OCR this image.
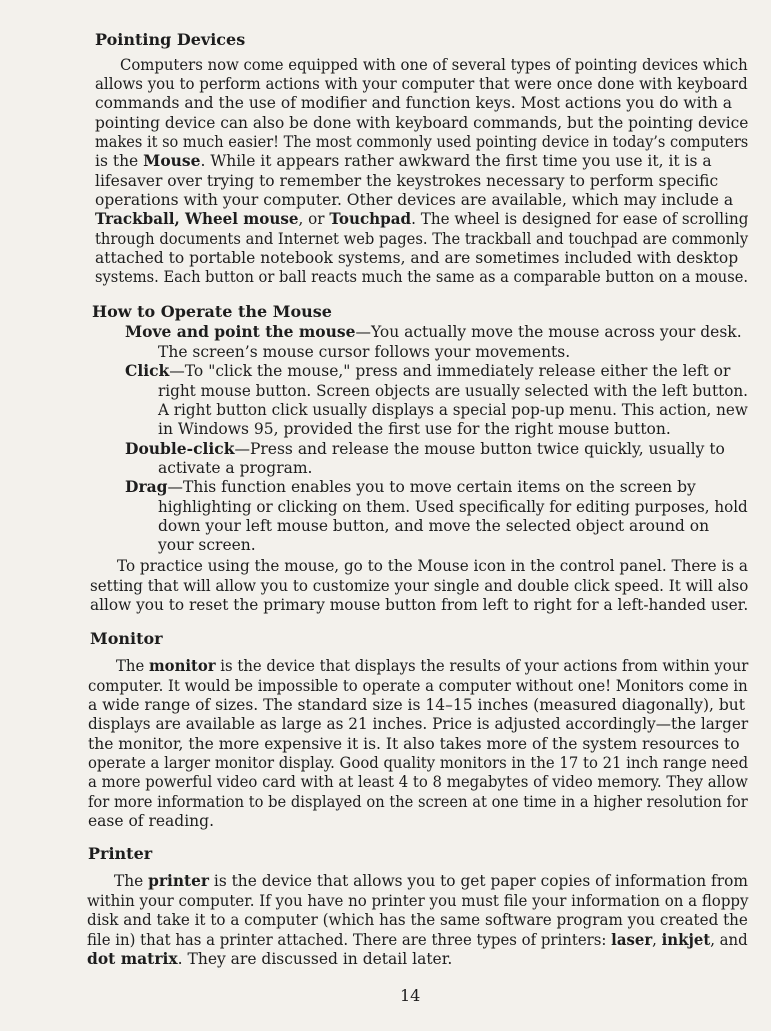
Pointing Devices

Computers now come equipped with one of several types of pointing devices which

allows you to perform actions with your computer that were once done with keyboard

commands and the use of modifier and function keys. Most actions you do with a

pointing device can also be done with keyboard commands, but the pointing device

makes it so much easier! The most commonly used pointing device in today’s computers

is the Mouse. While it appears rather awkward the first time you use it, it is a

lifesaver over trying to remember the keystrokes necessary to perform specific

operations with your computer. Other devices are available, which may include a

Trackball, Wheel mouse, or Touchpad. The wheel is designed for ease of scrolling

through documents and Internet web pages. The trackball and touchpad are commonly

attached to portable notebook systems, and are sometimes included with desktop

systems. Each button or ball reacts much the same as a comparable button on a mouse.

How to Operate the Mouse

Move and point the mouse—You actually move the mouse across your desk.

The screen’s mouse cursor follows your movements.

Click—To "click the mouse," press and immediately release either the left or

right mouse button. Screen objects are usually selected with the left button.

A right button click usually displays a special pop-up menu. This action, new

in Windows 95, provided the first use for the right mouse button.

Double-click—Press and release the mouse button twice quickly, usually to

activate a program.

Drag—This function enables you to move certain items on the screen by

highlighting or clicking on them. Used specifically for editing purposes, hold

down your left mouse button, and move the selected object around on

your screen.

To practice using the mouse, go to the Mouse icon in the control panel. There is a

setting that will allow you to customize your single and double click speed. It will also

allow you to reset the primary mouse button from left to right for a left-handed user.

Monitor

The monitor is the device that displays the results of your actions from within your

computer. It would be impossible to operate a computer without one! Monitors come in

a wide range of sizes. The standard size is 14–15 inches (measured diagonally), but

displays are available as large as 21 inches. Price is adjusted accordingly—the larger

the monitor, the more expensive it is. It also takes more of the system resources to

operate a larger monitor display. Good quality monitors in the 17 to 21 inch range need

a more powerful video card with at least 4 to 8 megabytes of video memory. They allow

for more information to be displayed on the screen at one time in a higher resolution for

ease of reading.

Printer

The printer is the device that allows you to get paper copies of information from

within your computer. If you have no printer you must file your information on a floppy

disk and take it to a computer (which has the same software program you created the

file in) that has a printer attached. There are three types of printers: laser, inkjet, and

dot matrix. They are discussed in detail later.

14
